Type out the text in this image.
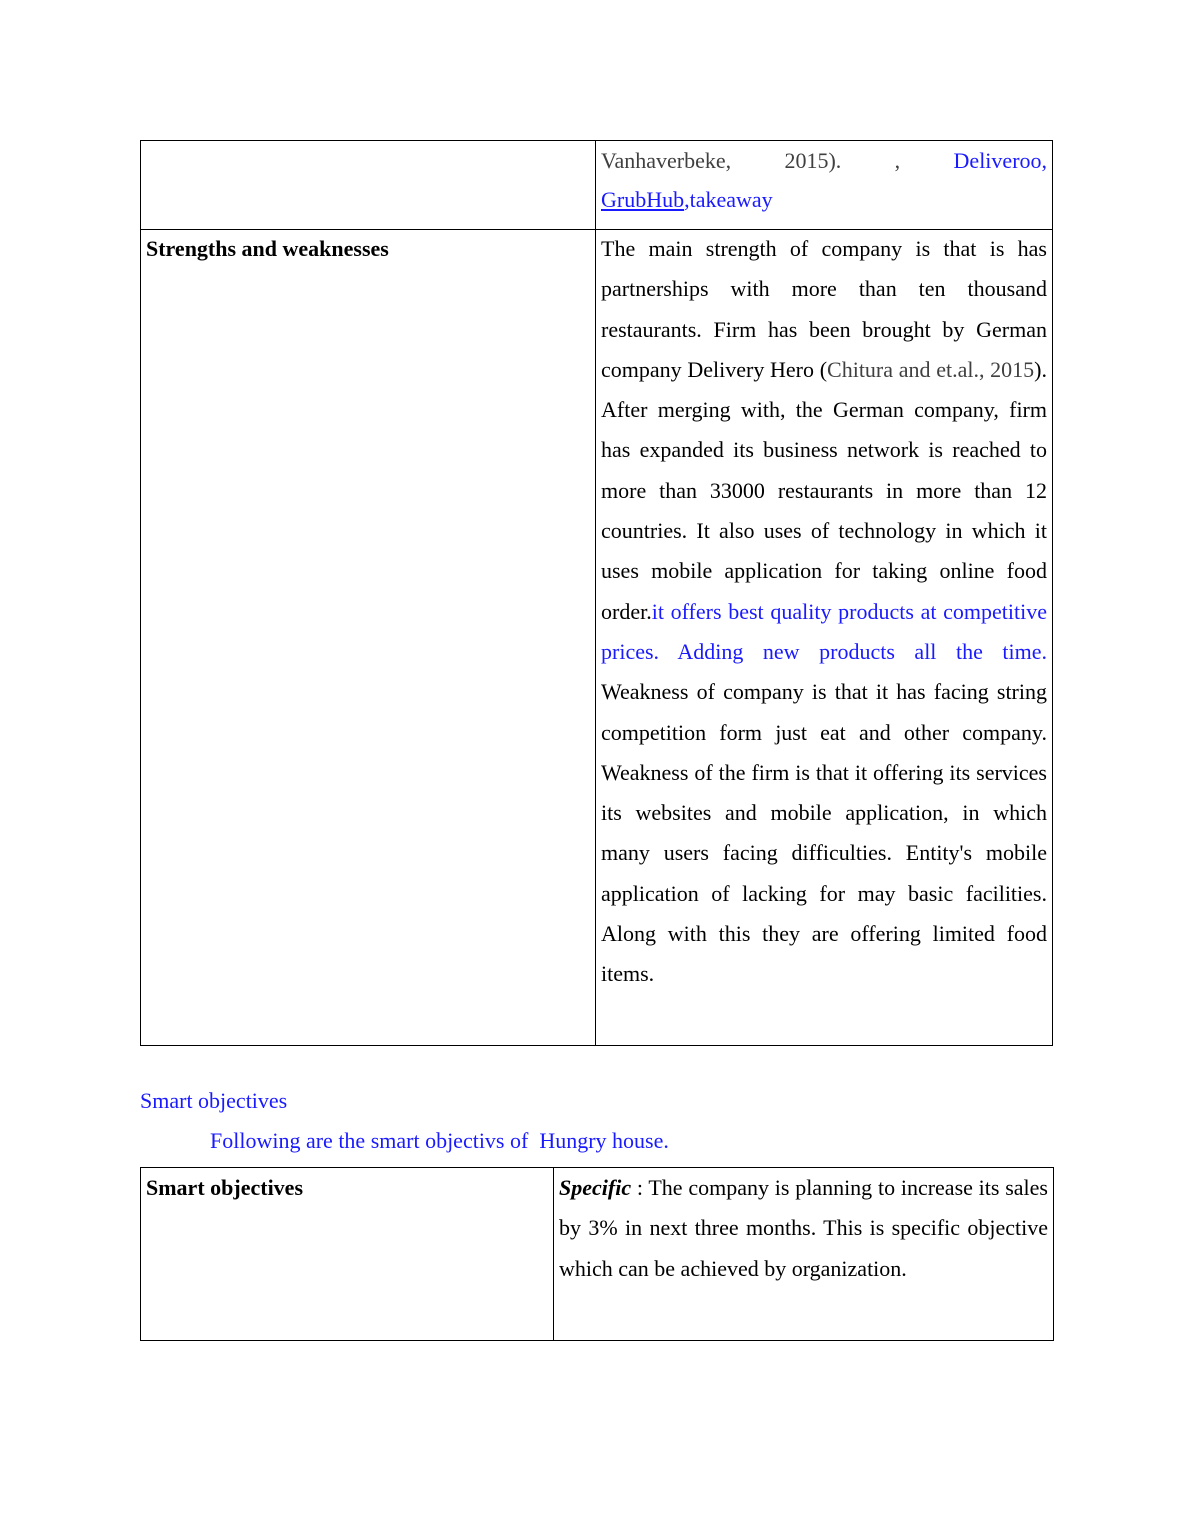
	Vanhaverbeke, 2015). , Deliveroo,
GrubHub,takeaway

Strengths and weaknesses	The main strength of company is that is has partnerships with more than ten thousand restaurants. Firm has been brought by German company Delivery Hero (Chitura and et.al., 2015). After merging with, the German company, firm has expanded its business network is reached to more than 33000 restaurants in more than 12 countries. It also uses of technology in which it uses mobile application for taking online food order.it offers best quality products at competitive prices. Adding new products all the time. Weakness of company is that it has facing string competition form just eat and other company. Weakness of the firm is that it offering its services its websites and mobile application, in which many users facing difficulties. Entity's mobile application of lacking for may basic facilities. Along with this they are offering limited food items.
Smart objectives
Following are the smart objectivs of  Hungry house.
Smart objectives	Specific : The company is planning to increase its sales by 3% in next three months. This is specific objective which can be achieved by organization.
